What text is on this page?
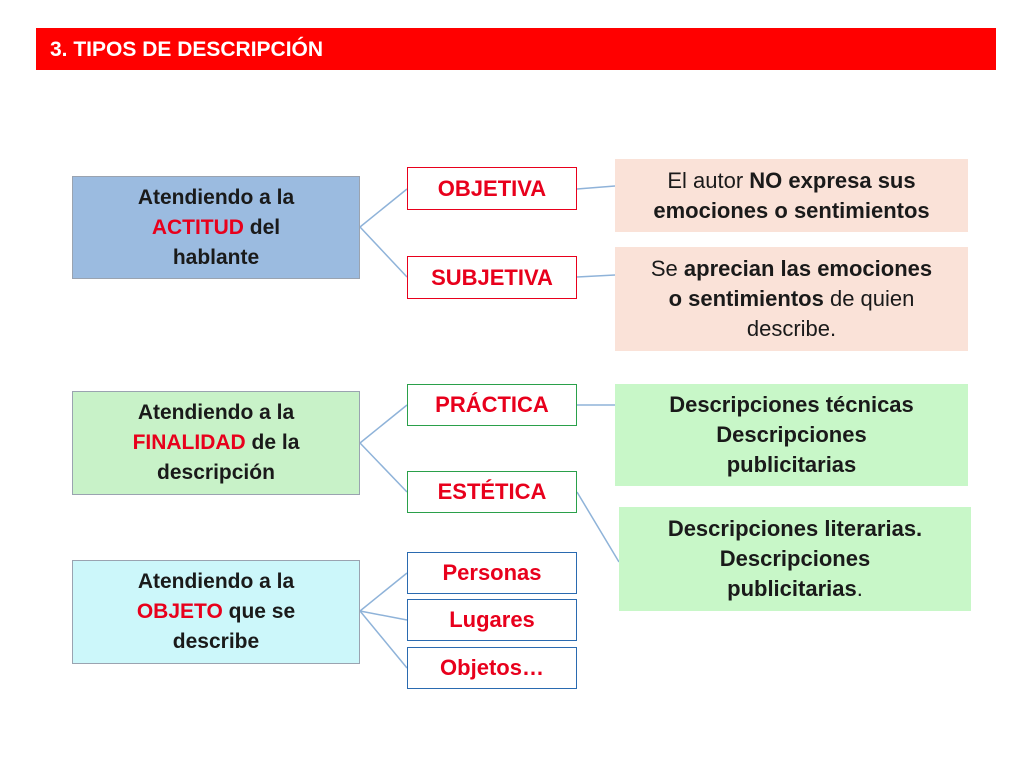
3. TIPOS DE DESCRIPCIÓN
Atendiendo a la
ACTITUD del
hablante
Atendiendo a la
FINALIDAD de la
descripción
Atendiendo a la
OBJETO que se
describe
OBJETIVA
SUBJETIVA
PRÁCTICA
ESTÉTICA
Personas
Lugares
Objetos…
El autor NO expresa sus
emociones o sentimientos
Se aprecian las emociones
o sentimientos de quien
describe.
Descripciones técnicas
Descripciones
publicitarias
Descripciones literarias.
Descripciones
publicitarias.
